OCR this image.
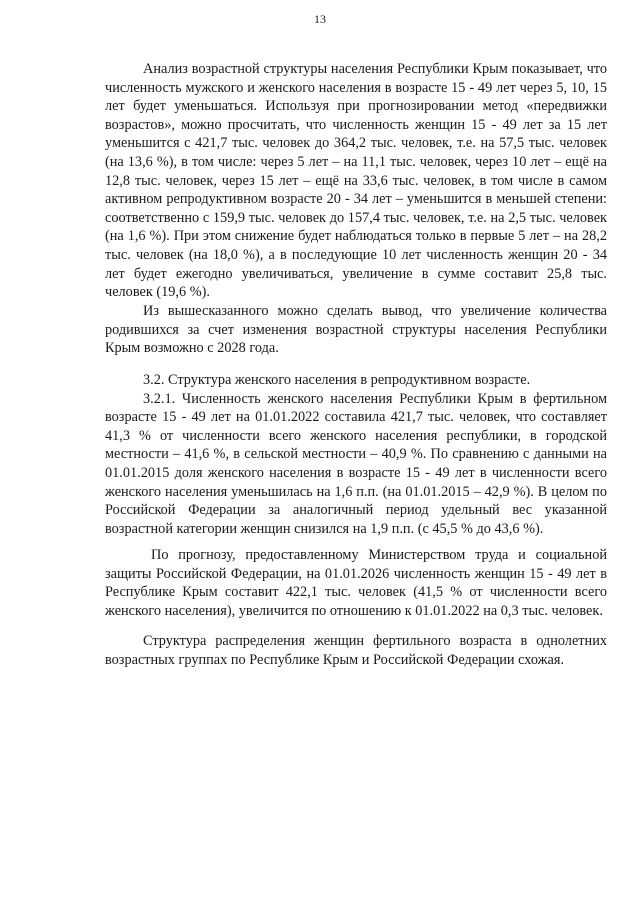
13

Анализ возрастной структуры населения Республики Крым показывает, что численность мужского и женского населения в возрасте 15 - 49 лет через 5, 10, 15 лет будет уменьшаться. Используя при прогнозировании метод «передвижки возрастов», можно просчитать, что численность женщин 15 - 49 лет за 15 лет уменьшится с 421,7 тыс. человек до 364,2 тыс. человек, т.е. на 57,5 тыс. человек (на 13,6 %), в том числе: через 5 лет – на 11,1 тыс. человек, через 10 лет – ещё на 12,8 тыс. человек, через 15 лет – ещё на 33,6 тыс. человек, в том числе в самом активном репродуктивном возрасте 20 - 34 лет – уменьшится в меньшей степени: соответственно с 159,9 тыс. человек до 157,4 тыс. человек, т.е. на 2,5 тыс. человек (на 1,6 %). При этом снижение будет наблюдаться только в первые 5 лет – на 28,2 тыс. человек (на 18,0 %), а в последующие 10 лет численность женщин 20 - 34 лет будет ежегодно увеличиваться, увеличение в сумме составит 25,8 тыс. человек (19,6 %).

Из вышесказанного можно сделать вывод, что увеличение количества родившихся за счет изменения возрастной структуры населения Республики Крым возможно с 2028 года.

3.2. Структура женского населения в репродуктивном возрасте.

3.2.1. Численность женского населения Республики Крым в фертильном возрасте 15 - 49 лет на 01.01.2022 составила 421,7 тыс. человек, что составляет 41,3 % от численности всего женского населения республики, в городской местности – 41,6 %, в сельской местности – 40,9 %. По сравнению с данными на 01.01.2015 доля женского населения в возрасте 15 - 49 лет в численности всего женского населения уменьшилась на 1,6 п.п. (на 01.01.2015 – 42,9 %). В целом по Российской Федерации за аналогичный период удельный вес указанной возрастной категории женщин снизился на 1,9 п.п. (с 45,5 % до 43,6 %).

По прогнозу, предоставленному Министерством труда и социальной защиты Российской Федерации, на 01.01.2026 численность женщин 15 - 49 лет в Республике Крым составит 422,1 тыс. человек (41,5 % от численности всего женского населения), увеличится по отношению к 01.01.2022 на 0,3 тыс. человек.

Структура распределения женщин фертильного возраста в однолетних возрастных группах по Республике Крым и Российской Федерации схожая.
